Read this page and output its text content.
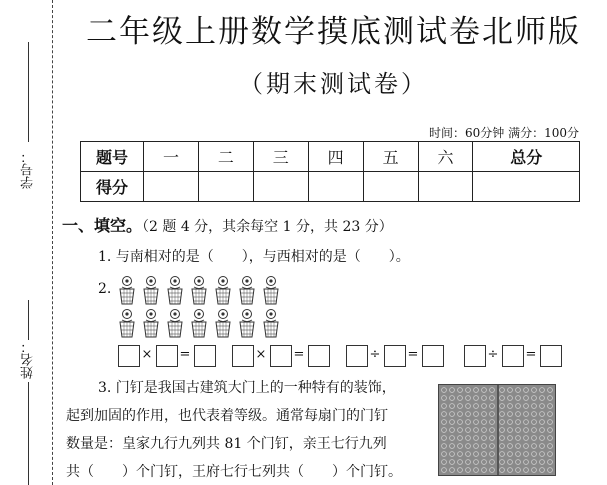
学号：
姓名：
二年级上册数学摸底测试卷北师版
（期末测试卷）
时间：60分钟 满分：100分
题号	一	二	三	四	五	六	总分
得分							
一、填空。（2 题 4 分，其余每空 1 分，共 23 分）
1. 与南相对的是（　　），与西相对的是（　　）。
2.
× =	× =	÷ =	÷ =
3. 门钉是我国古建筑大门上的一种特有的装饰，
起到加固的作用，也代表着等级。通常每扇门的门钉
数量是：皇家九行九列共 81 个门钉，亲王七行九列
共（　　）个门钉，王府七行七列共（　　）个门钉。
